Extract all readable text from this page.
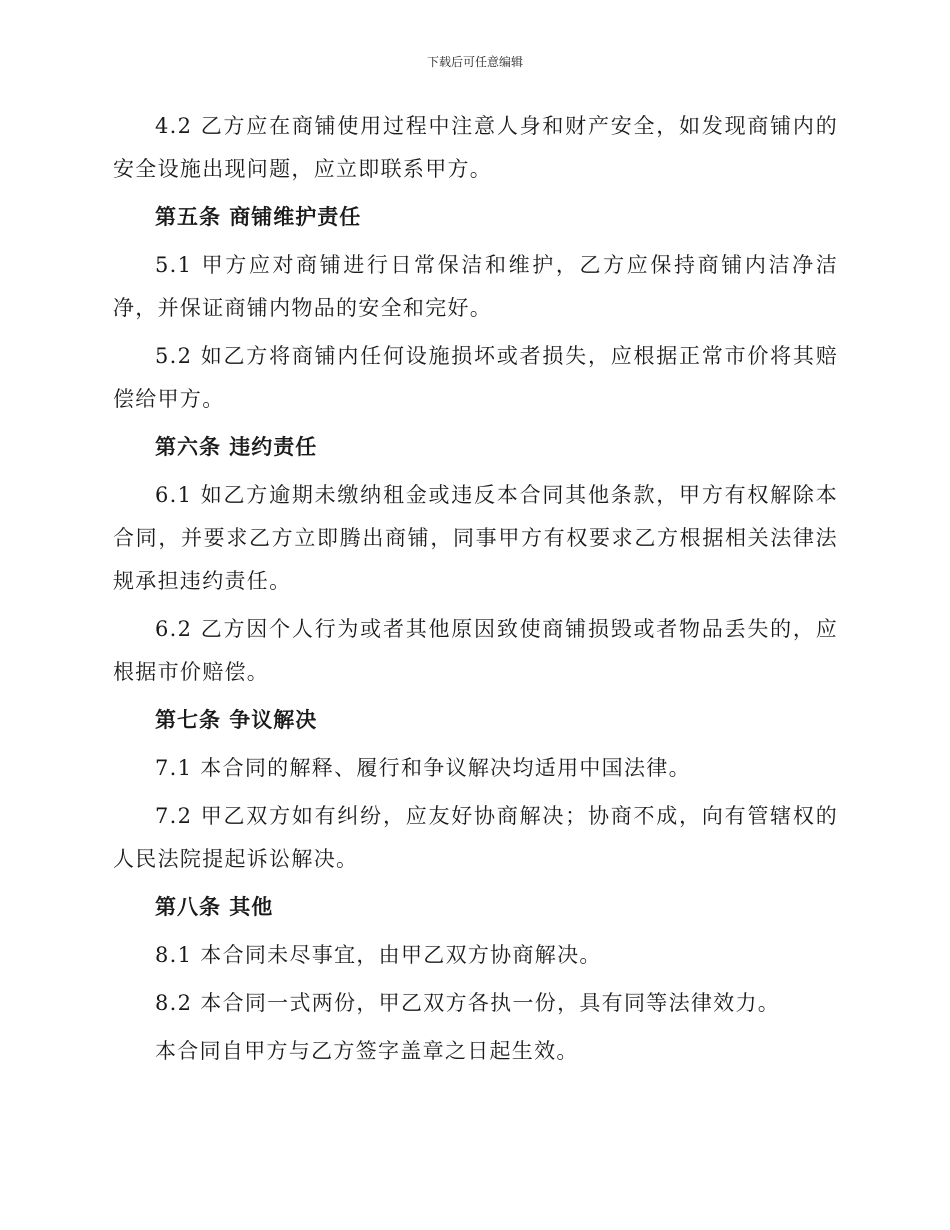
下载后可任意编辑

4.2 乙方应在商铺使用过程中注意人身和财产安全，如发现商铺内的安全设施出现问题，应立即联系甲方。

第五条 商铺维护责任

5.1 甲方应对商铺进行日常保洁和维护，乙方应保持商铺内洁净洁净，并保证商铺内物品的安全和完好。

5.2 如乙方将商铺内任何设施损坏或者损失，应根据正常市价将其赔偿给甲方。

第六条 违约责任

6.1 如乙方逾期未缴纳租金或违反本合同其他条款，甲方有权解除本合同，并要求乙方立即腾出商铺，同事甲方有权要求乙方根据相关法律法规承担违约责任。

6.2 乙方因个人行为或者其他原因致使商铺损毁或者物品丢失的，应根据市价赔偿。

第七条 争议解决

7.1 本合同的解释、履行和争议解决均适用中国法律。

7.2 甲乙双方如有纠纷，应友好协商解决；协商不成，向有管辖权的人民法院提起诉讼解决。

第八条 其他

8.1 本合同未尽事宜，由甲乙双方协商解决。

8.2 本合同一式两份，甲乙双方各执一份，具有同等法律效力。

本合同自甲方与乙方签字盖章之日起生效。
